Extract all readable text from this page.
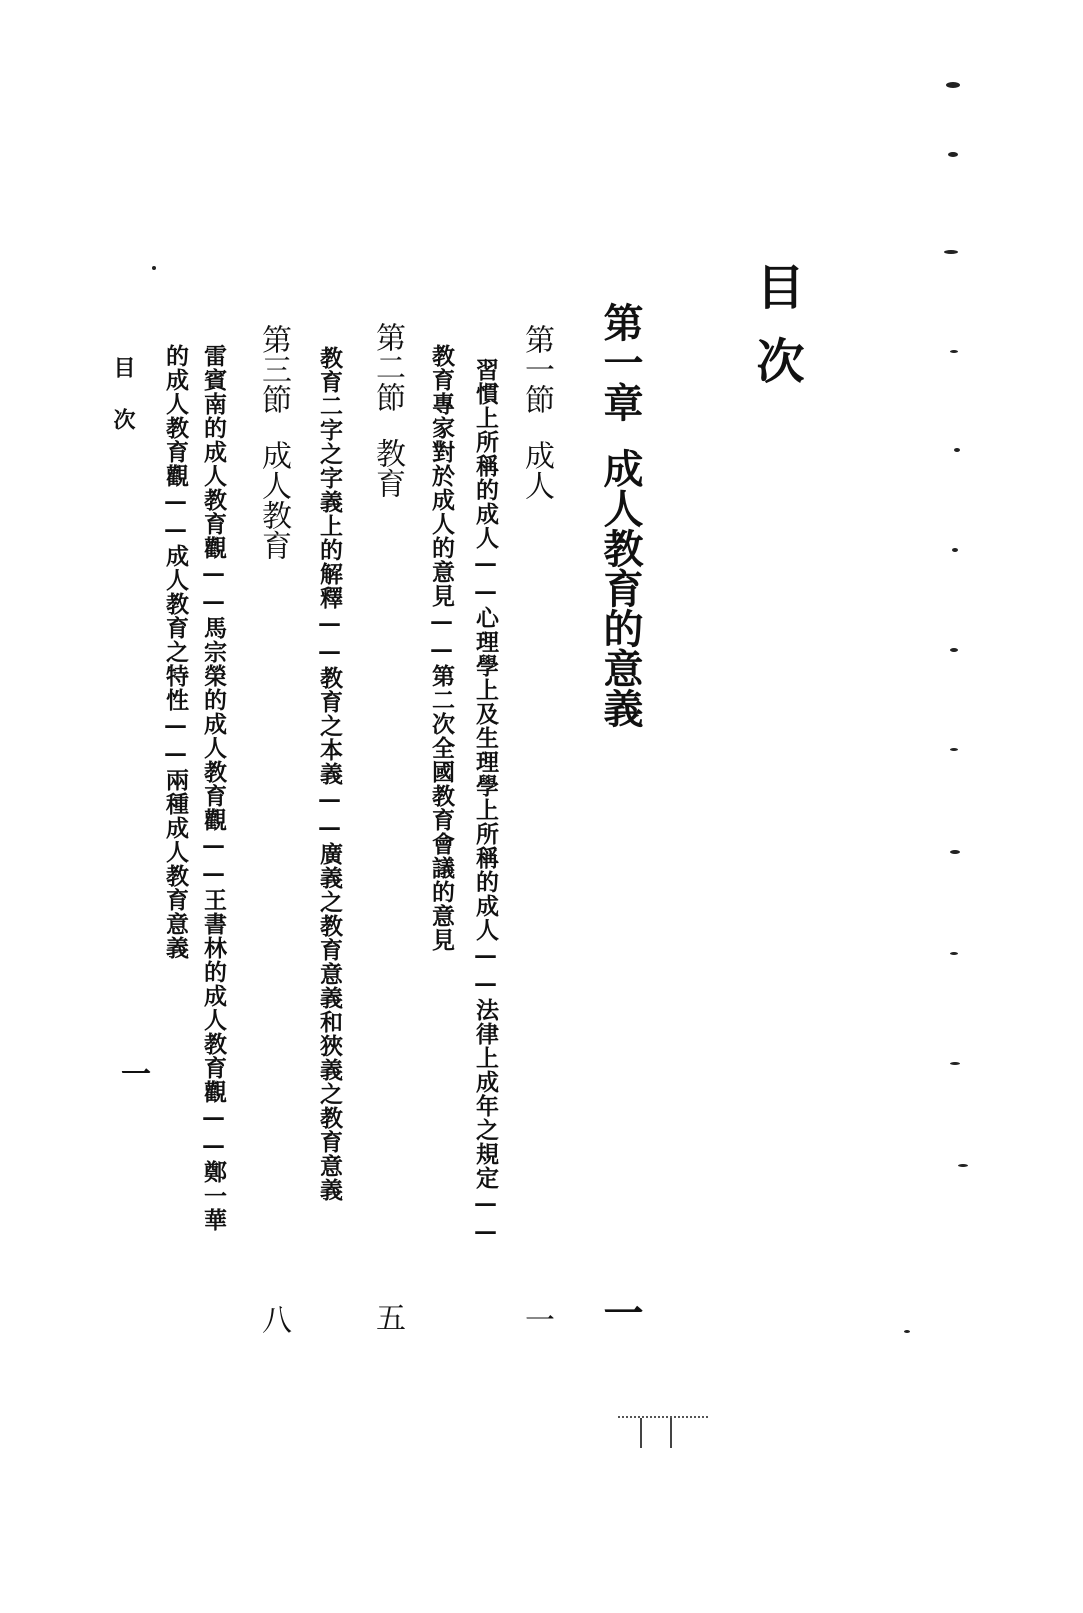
目次
第一章
成人教育的意義
一
第一節
成人
一

習慣上所稱的成人——心理學上及生理學上所稱的成人——法律上成年之規定——

教育專家對於成人的意見——第二次全國教育會議的意見

第二節
教育
五

教育二字之字義上的解釋——教育之本義——廣義之教育意義和狹義之教育意義

第三節
成人教育
八

雷賓南的成人教育觀——馬宗榮的成人教育觀——王書林的成人教育觀——鄭一華

的成人教育觀——成人教育之特性——兩種成人教育意義

目次
一
